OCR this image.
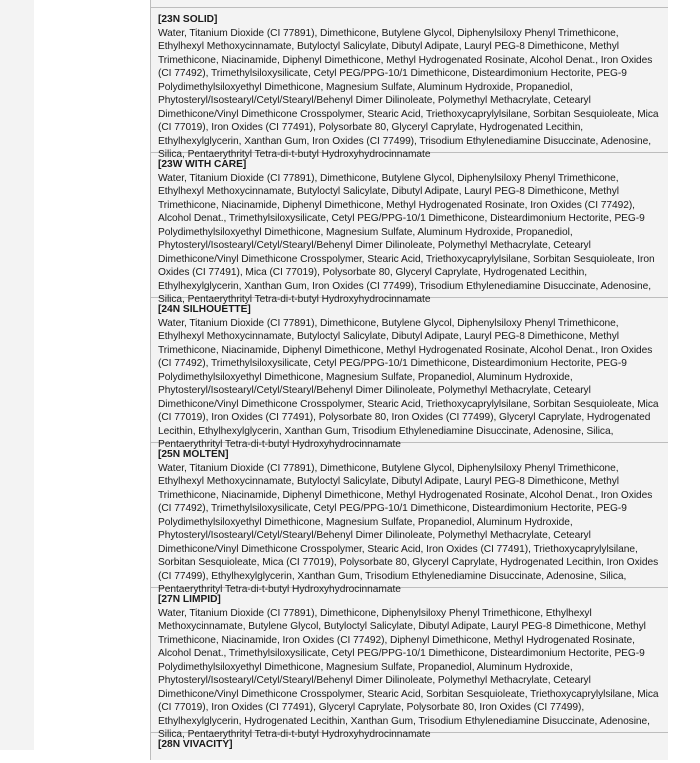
[23N SOLID]
Water, Titanium Dioxide (CI 77891), Dimethicone, Butylene Glycol, Diphenylsiloxy Phenyl Trimethicone, Ethylhexyl Methoxycinnamate, Butyloctyl Salicylate, Dibutyl Adipate, Lauryl PEG-8 Dimethicone, Methyl Trimethicone, Niacinamide, Diphenyl Dimethicone, Methyl Hydrogenated Rosinate, Alcohol Denat., Iron Oxides (CI 77492), Trimethylsiloxysilicate, Cetyl PEG/PPG-10/1 Dimethicone, Disteardimonium Hectorite, PEG-9 Polydimethylsiloxyethyl Dimethicone, Magnesium Sulfate, Aluminum Hydroxide, Propanediol, Phytosteryl/Isostearyl/Cetyl/Stearyl/Behenyl Dimer Dilinoleate, Polymethyl Methacrylate, Cetearyl Dimethicone/Vinyl Dimethicone Crosspolymer, Stearic Acid, Triethoxycaprylylsilane, Sorbitan Sesquioleate, Mica (CI 77019), Iron Oxides (CI 77491), Polysorbate 80, Glyceryl Caprylate, Hydrogenated Lecithin, Ethylhexylglycerin, Xanthan Gum, Iron Oxides (CI 77499), Trisodium Ethylenediamine Disuccinate, Adenosine, Silica, Pentaerythrityl Tetra-di-t-butyl Hydroxyhydrocinnamate
[23W WITH CARE]
Water, Titanium Dioxide (CI 77891), Dimethicone, Butylene Glycol, Diphenylsiloxy Phenyl Trimethicone, Ethylhexyl Methoxycinnamate, Butyloctyl Salicylate, Dibutyl Adipate, Lauryl PEG-8 Dimethicone, Methyl Trimethicone, Niacinamide, Diphenyl Dimethicone, Methyl Hydrogenated Rosinate, Iron Oxides (CI 77492), Alcohol Denat., Trimethylsiloxysilicate, Cetyl PEG/PPG-10/1 Dimethicone, Disteardimonium Hectorite, PEG-9 Polydimethylsiloxyethyl Dimethicone, Magnesium Sulfate, Aluminum Hydroxide, Propanediol, Phytosteryl/Isostearyl/Cetyl/Stearyl/Behenyl Dimer Dilinoleate, Polymethyl Methacrylate, Cetearyl Dimethicone/Vinyl Dimethicone Crosspolymer, Stearic Acid, Triethoxycaprylylsilane, Sorbitan Sesquioleate, Iron Oxides (CI 77491), Mica (CI 77019), Polysorbate 80, Glyceryl Caprylate, Hydrogenated Lecithin, Ethylhexylglycerin, Xanthan Gum, Iron Oxides (CI 77499), Trisodium Ethylenediamine Disuccinate, Adenosine, Silica, Pentaerythrityl Tetra-di-t-butyl Hydroxyhydrocinnamate
[24N SILHOUETTE]
Water, Titanium Dioxide (CI 77891), Dimethicone, Butylene Glycol, Diphenylsiloxy Phenyl Trimethicone, Ethylhexyl Methoxycinnamate, Butyloctyl Salicylate, Dibutyl Adipate, Lauryl PEG-8 Dimethicone, Methyl Trimethicone, Niacinamide, Diphenyl Dimethicone, Methyl Hydrogenated Rosinate, Alcohol Denat., Iron Oxides (CI 77492), Trimethylsiloxysilicate, Cetyl PEG/PPG-10/1 Dimethicone, Disteardimonium Hectorite, PEG-9 Polydimethylsiloxyethyl Dimethicone, Magnesium Sulfate, Propanediol, Aluminum Hydroxide, Phytosteryl/Isostearyl/Cetyl/Stearyl/Behenyl Dimer Dilinoleate, Polymethyl Methacrylate, Cetearyl Dimethicone/Vinyl Dimethicone Crosspolymer, Stearic Acid, Triethoxycaprylylsilane, Sorbitan Sesquioleate, Mica (CI 77019), Iron Oxides (CI 77491), Polysorbate 80, Iron Oxides (CI 77499), Glyceryl Caprylate, Hydrogenated Lecithin, Ethylhexylglycerin, Xanthan Gum, Trisodium Ethylenediamine Disuccinate, Adenosine, Silica, Pentaerythrityl Tetra-di-t-butyl Hydroxyhydrocinnamate
[25N MOLTEN]
Water, Titanium Dioxide (CI 77891), Dimethicone, Butylene Glycol, Diphenylsiloxy Phenyl Trimethicone, Ethylhexyl Methoxycinnamate, Butyloctyl Salicylate, Dibutyl Adipate, Lauryl PEG-8 Dimethicone, Methyl Trimethicone, Niacinamide, Diphenyl Dimethicone, Methyl Hydrogenated Rosinate, Alcohol Denat., Iron Oxides (CI 77492), Trimethylsiloxysilicate, Cetyl PEG/PPG-10/1 Dimethicone, Disteardimonium Hectorite, PEG-9 Polydimethylsiloxyethyl Dimethicone, Magnesium Sulfate, Propanediol, Aluminum Hydroxide, Phytosteryl/Isostearyl/Cetyl/Stearyl/Behenyl Dimer Dilinoleate, Polymethyl Methacrylate, Cetearyl Dimethicone/Vinyl Dimethicone Crosspolymer, Stearic Acid, Iron Oxides (CI 77491), Triethoxycaprylylsilane, Sorbitan Sesquioleate, Mica (CI 77019), Polysorbate 80, Glyceryl Caprylate, Hydrogenated Lecithin, Iron Oxides (CI 77499), Ethylhexylglycerin, Xanthan Gum, Trisodium Ethylenediamine Disuccinate, Adenosine, Silica, Pentaerythrityl Tetra-di-t-butyl Hydroxyhydrocinnamate
[27N LIMPID]
Water, Titanium Dioxide (CI 77891), Dimethicone, Diphenylsiloxy Phenyl Trimethicone, Ethylhexyl Methoxycinnamate, Butylene Glycol, Butyloctyl Salicylate, Dibutyl Adipate, Lauryl PEG-8 Dimethicone, Methyl Trimethicone, Niacinamide, Iron Oxides (CI 77492), Diphenyl Dimethicone, Methyl Hydrogenated Rosinate, Alcohol Denat., Trimethylsiloxysilicate, Cetyl PEG/PPG-10/1 Dimethicone, Disteardimonium Hectorite, PEG-9 Polydimethylsiloxyethyl Dimethicone, Magnesium Sulfate, Propanediol, Aluminum Hydroxide, Phytosteryl/Isostearyl/Cetyl/Stearyl/Behenyl Dimer Dilinoleate, Polymethyl Methacrylate, Cetearyl Dimethicone/Vinyl Dimethicone Crosspolymer, Stearic Acid, Sorbitan Sesquioleate, Triethoxycaprylylsilane, Mica (CI 77019), Iron Oxides (CI 77491), Glyceryl Caprylate, Polysorbate 80, Iron Oxides (CI 77499), Ethylhexylglycerin, Hydrogenated Lecithin, Xanthan Gum, Trisodium Ethylenediamine Disuccinate, Adenosine, Silica, Pentaerythrityl Tetra-di-t-butyl Hydroxyhydrocinnamate
[28N VIVACITY]
